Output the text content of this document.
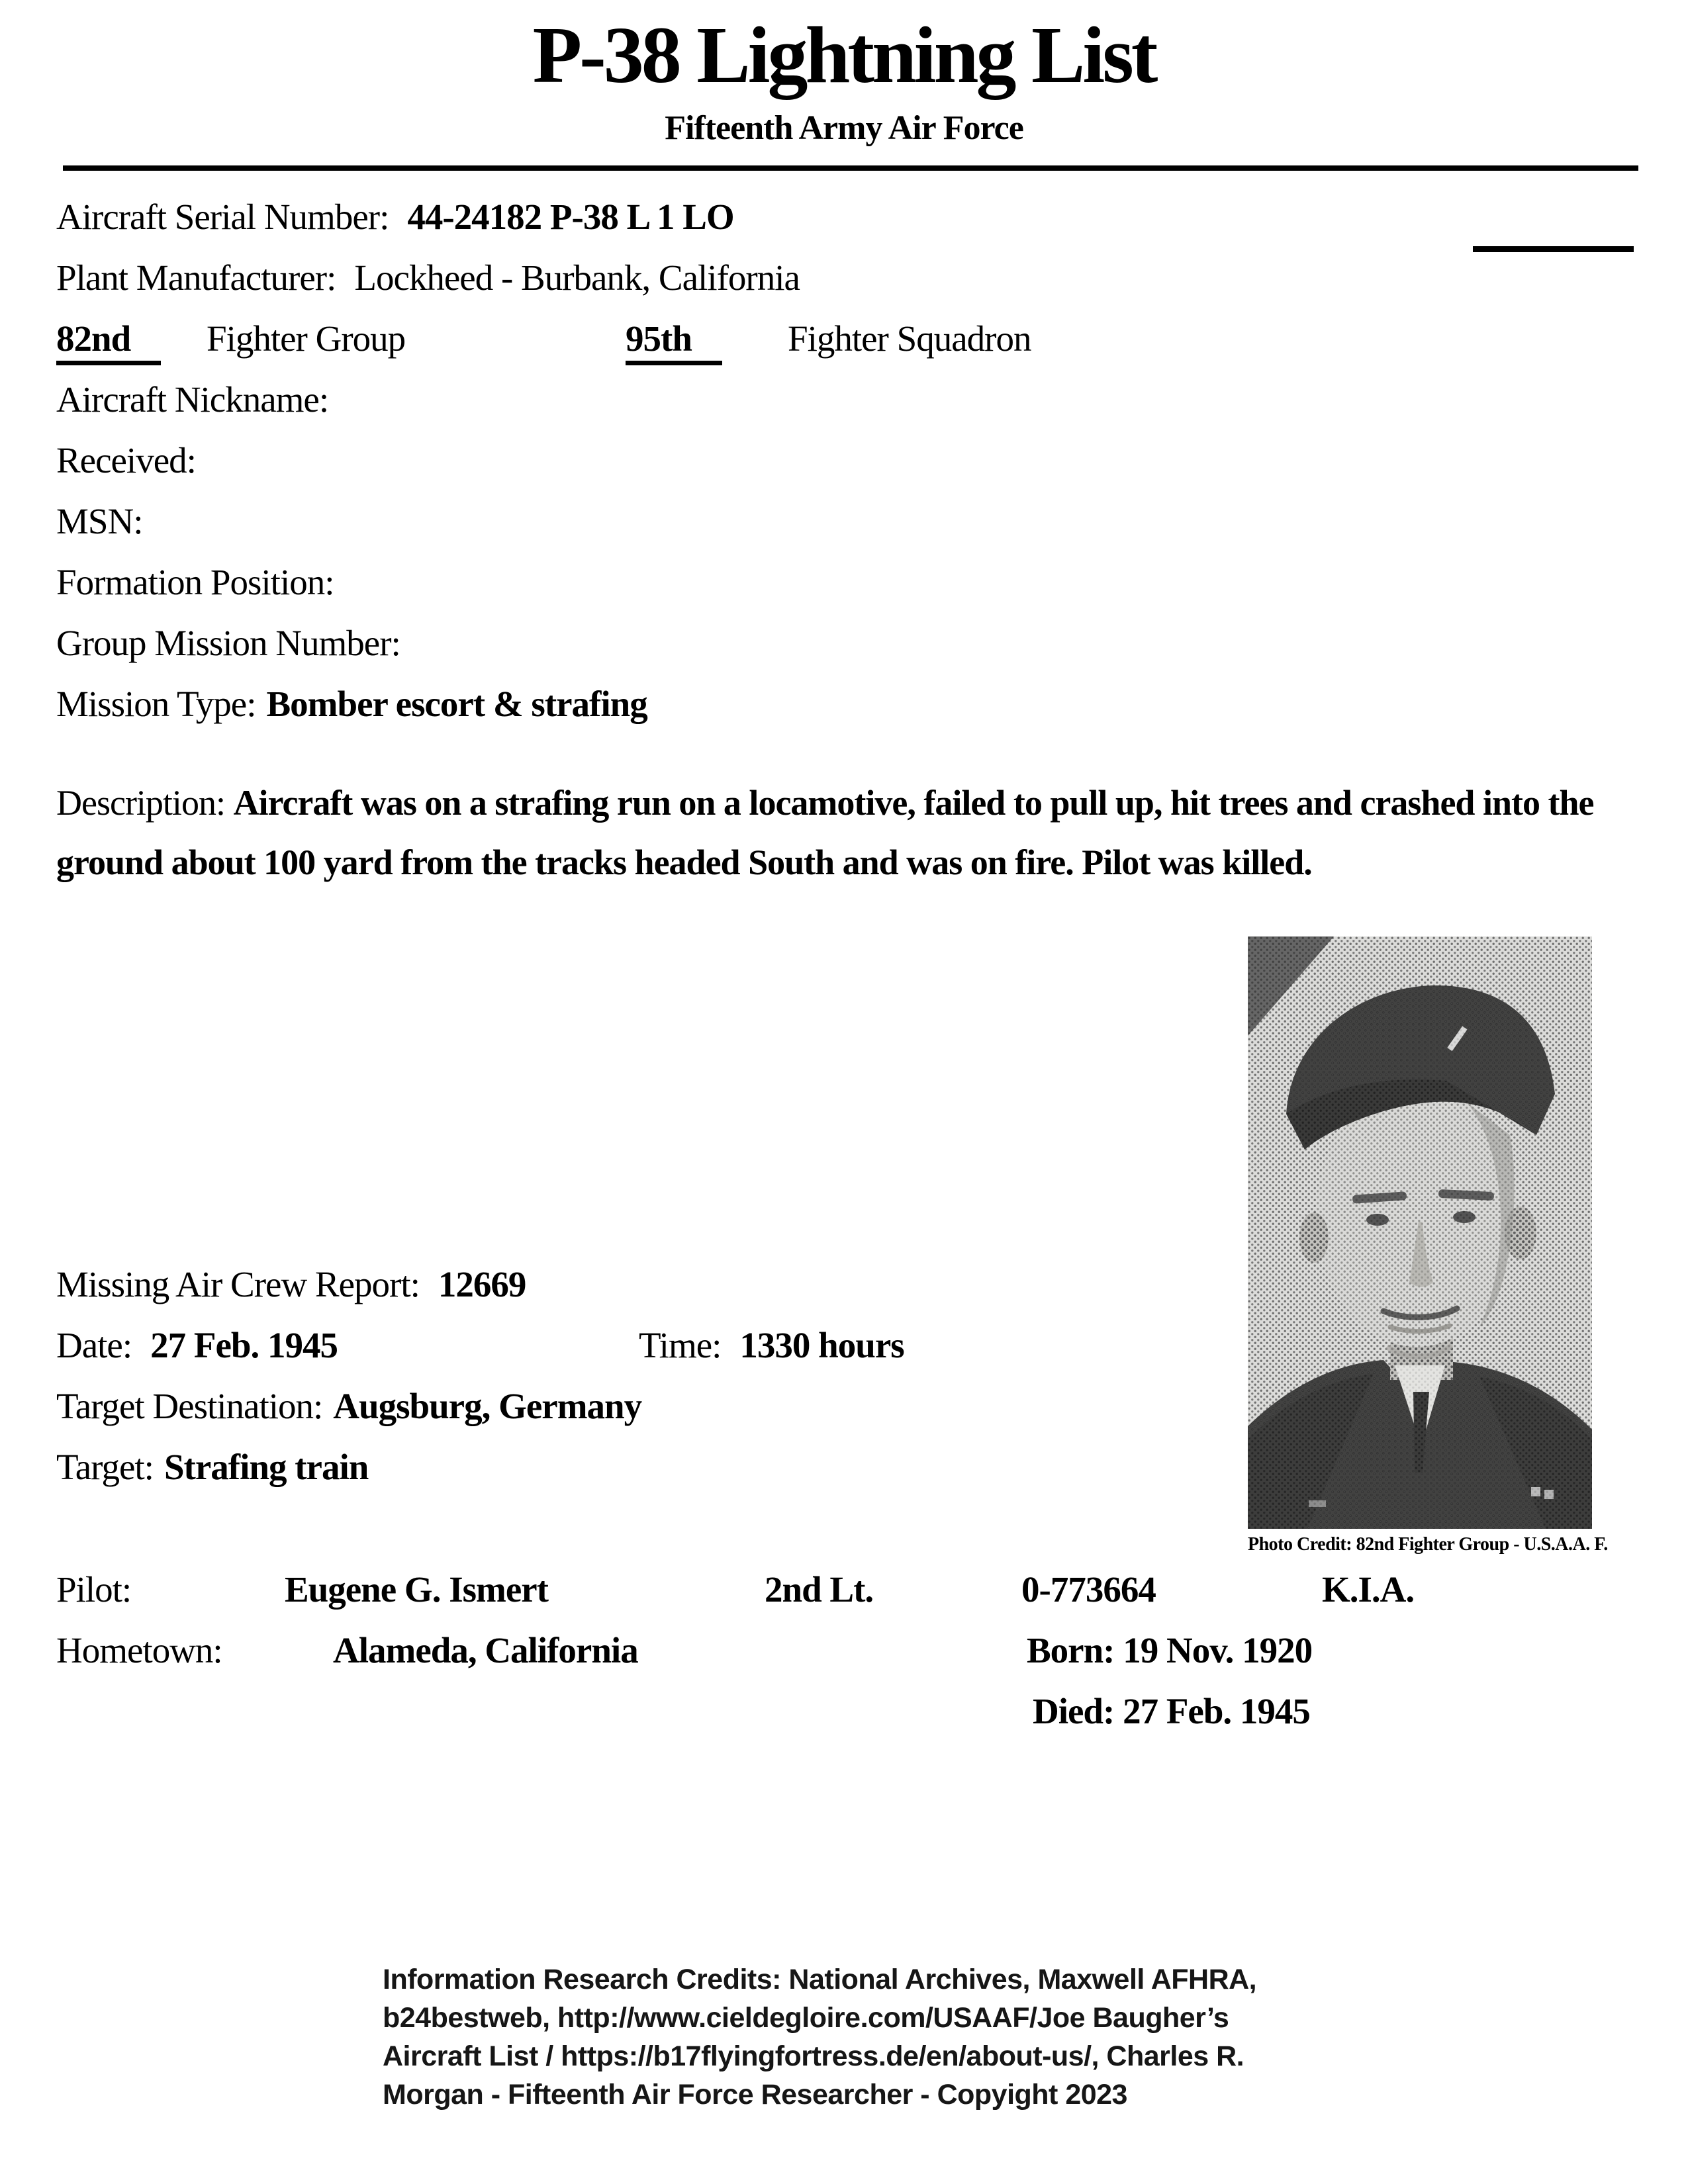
P-38 Lightning List
Fifteenth Army Air Force
Aircraft Serial Number: 44-24182 P-38 L 1 LO
Plant Manufacturer: Lockheed - Burbank, California
82nd	Fighter Group	95th	Fighter Squadron
Aircraft Nickname:
Received:
MSN:
Formation Position:
Group Mission Number:
Mission Type: Bomber escort & strafing
Description: Aircraft was on a strafing run on a locamotive, failed to pull up, hit trees and crashed into the ground about 100 yard from the tracks headed South and was on fire. Pilot was killed.
Photo Credit: 82nd Fighter Group - U.S.A.A. F.
Missing Air Crew Report: 12669
Date: 27 Feb. 1945	Time: 1330 hours
Target Destination: Augsburg, Germany
Target: Strafing train
Pilot:	Eugene G. Ismert	2nd Lt.	0-773664	K.I.A.
Hometown:	Alameda, California	Born: 19 Nov. 1920
Died: 27 Feb. 1945
Information Research Credits: National Archives, Maxwell AFHRA,
b24bestweb, http://www.cieldegloire.com/USAAF/Joe Baugher’s
Aircraft List / https://b17flyingfortress.de/en/about-us/, Charles R.
Morgan - Fifteenth Air Force Researcher - Copyight 2023
